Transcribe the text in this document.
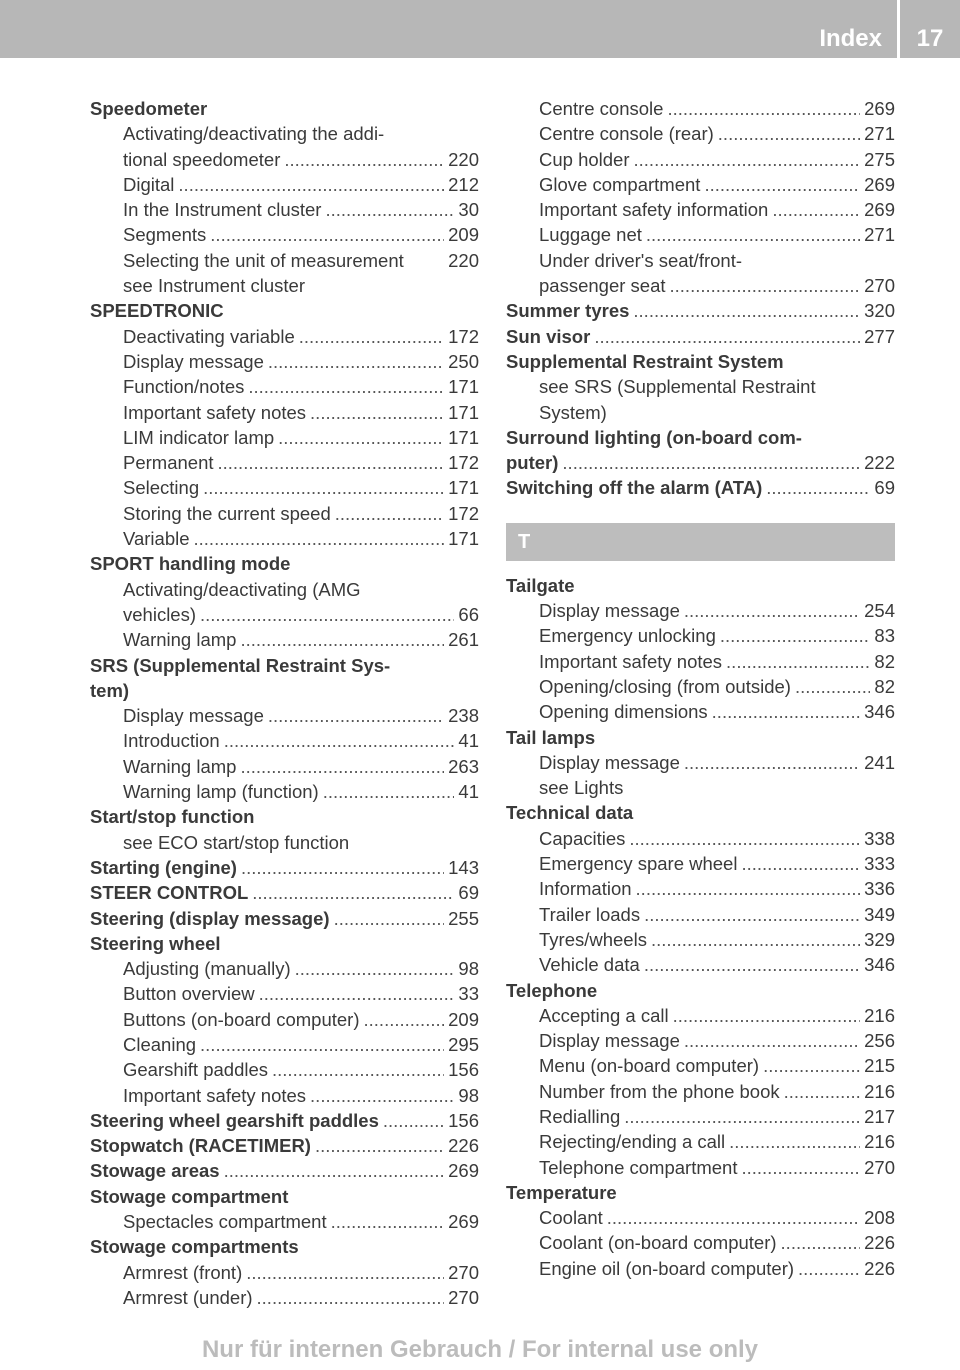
Index	17
Speedometer
Activating/deactivating the addi-
tional speedometer .....	220
Digital .....	212
In the Instrument cluster .....	30
Segments .....	209
Selecting the unit of measurement 220
see Instrument cluster
SPEEDTRONIC
Deactivating variable .....	172
Display message .....	250
Function/notes .....	171
Important safety notes .....	171
LIM indicator lamp .....	171
Permanent .....	172
Selecting .....	171
Storing the current speed .....	172
Variable .....	171
SPORT handling mode
Activating/deactivating (AMG
vehicles) .....	66
Warning lamp .....	261
SRS (Supplemental Restraint Sys-
tem)
Display message .....	238
Introduction .....	41
Warning lamp .....	263
Warning lamp (function) .....	41
Start/stop function
see ECO start/stop function
Starting (engine) .....	143
STEER CONTROL .....	69
Steering (display message) .....	255
Steering wheel
Adjusting (manually) .....	98
Button overview .....	33
Buttons (on-board computer) .....	209
Cleaning .....	295
Gearshift paddles .....	156
Important safety notes .....	98
Steering wheel gearshift paddles .....	156
Stopwatch (RACETIMER) .....	226
Stowage areas .....	269
Stowage compartment
Spectacles compartment .....	269
Stowage compartments
Armrest (front) .....	270
Armrest (under) .....	270
Centre console .....	269
Centre console (rear) .....	271
Cup holder .....	275
Glove compartment .....	269
Important safety information .....	269
Luggage net .....	271
Under driver's seat/front-
passenger seat .....	270
Summer tyres .....	320
Sun visor .....	277
Supplemental Restraint System
see SRS (Supplemental Restraint
System)
Surround lighting (on-board com-
puter) .....	222
Switching off the alarm (ATA) .....	69
T
Tailgate
Display message .....	254
Emergency unlocking .....	83
Important safety notes .....	82
Opening/closing (from outside) .....	82
Opening dimensions .....	346
Tail lamps
Display message .....	241
see Lights
Technical data
Capacities .....	338
Emergency spare wheel .....	333
Information .....	336
Trailer loads .....	349
Tyres/wheels .....	329
Vehicle data .....	346
Telephone
Accepting a call .....	216
Display message .....	256
Menu (on-board computer) .....	215
Number from the phone book .....	216
Redialling .....	217
Rejecting/ending a call .....	216
Telephone compartment .....	270
Temperature
Coolant .....	208
Coolant (on-board computer) .....	226
Engine oil (on-board computer) .....	226
Nur für internen Gebrauch / For internal use only
